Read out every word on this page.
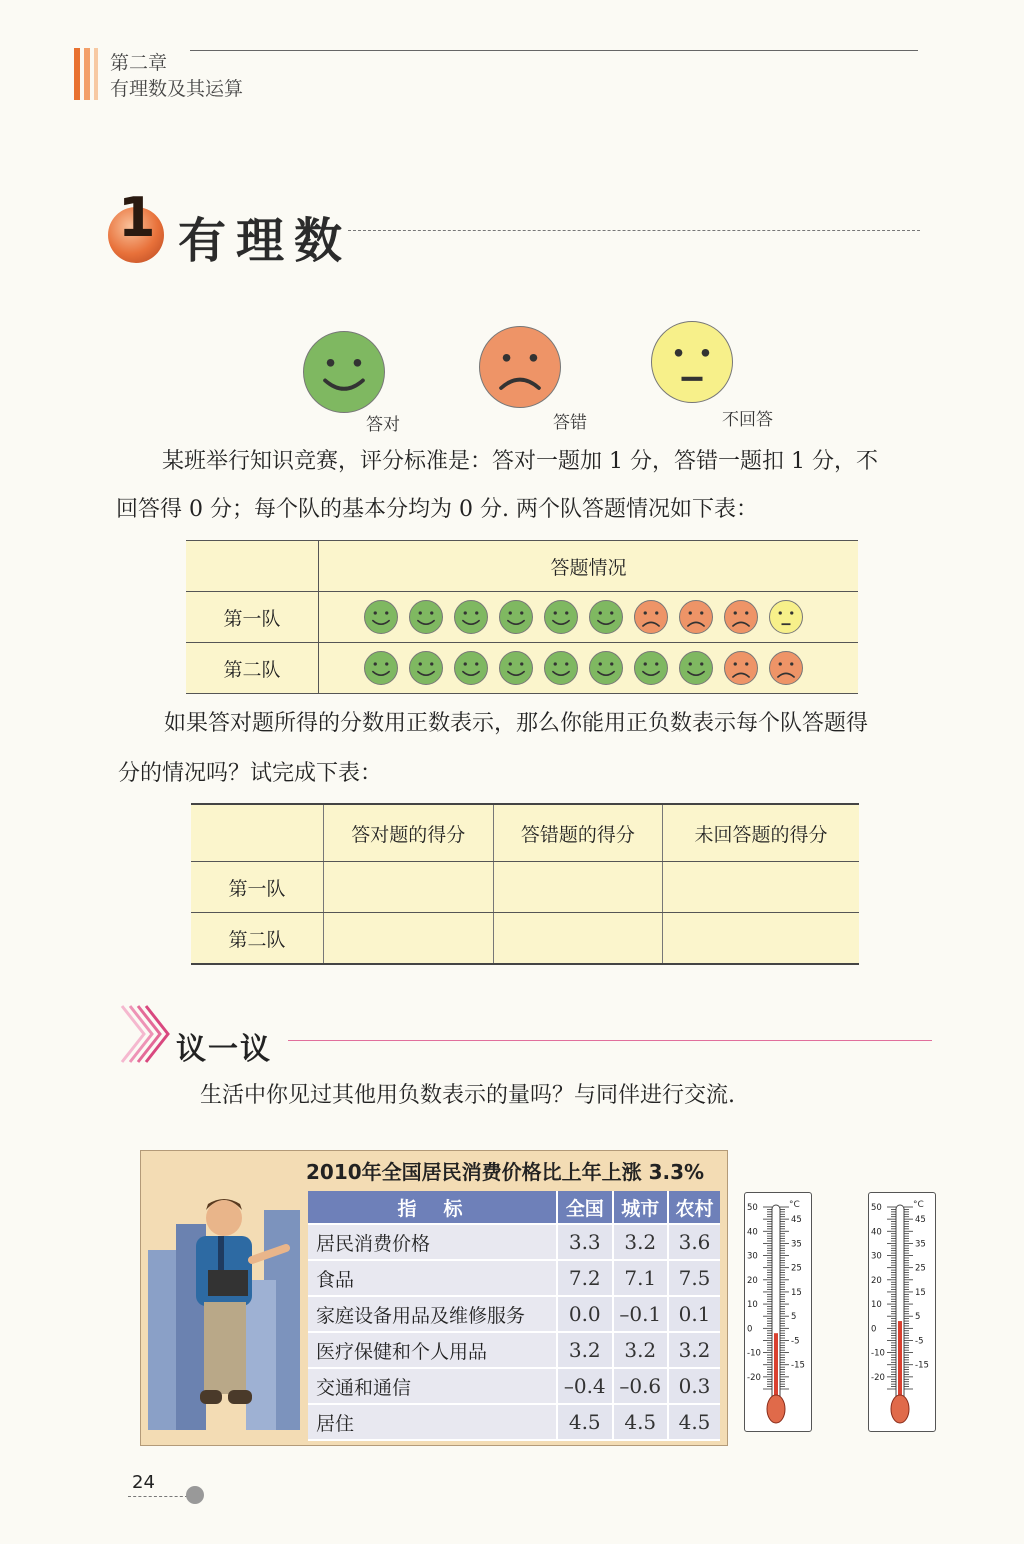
第二章
有理数及其运算
1 有理数
答对	答错	不回答
某班举行知识竞赛，评分标准是：答对一题加 1 分，答错一题扣 1 分，不
回答得 0 分；每个队的基本分均为 0 分. 两个队答题情况如下表：
	答题情况
第一队	
第二队	
如果答对题所得的分数用正数表示，那么你能用正负数表示每个队答题得
分的情况吗？试完成下表：
	答对题的得分	答错题的得分	未回答题的得分
第一队			
第二队			
议一议
生活中你见过其他用负数表示的量吗？与同伴进行交流.
2010年全国居民消费价格比上年上涨 3.3%
指　标	全国	城市	农村
居民消费价格	3.3	3.2	3.6
食品	7.2	7.1	7.5
家庭设备用品及维修服务	0.0	–0.1	0.1
医疗保健和个人用品	3.2	3.2	3.2
交通和通信	–0.4	–0.6	0.3
居住	4.5	4.5	4.5
°C
50
40
30
20
10
0
-10
-20
45
35
25
15
5
-5
-15
°C
50
40
30
20
10
0
-10
-20
45
35
25
15
5
-5
-15
24
